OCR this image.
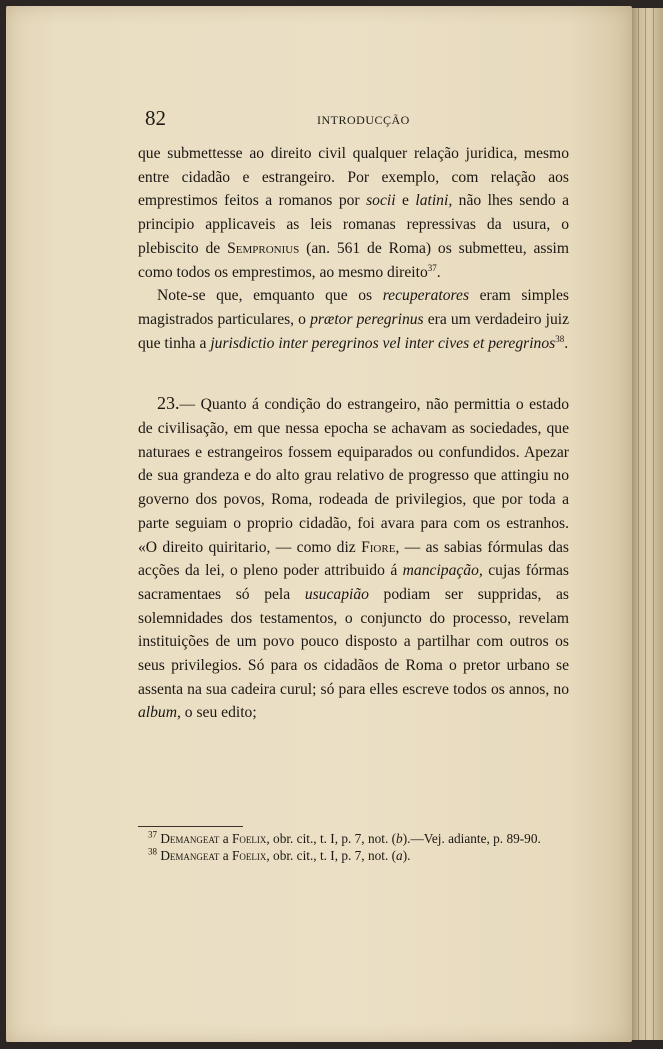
82	INTRODUCÇÃO

que submettesse ao direito civil qualquer relação juridica, mesmo entre cidadão e estrangeiro. Por exemplo, com relação aos emprestimos feitos a romanos por socii e latini, não lhes sendo a principio applicaveis as leis romanas repressivas da usura, o plebiscito de Sempronius (an. 561 de Roma) os submetteu, assim como todos os emprestimos, ao mesmo direito$^{37}$.

Note-se que, emquanto que os recuperatores eram simples magistrados particulares, o prætor peregrinus era um verdadeiro juiz que tinha a jurisdictio inter peregrinos vel inter cives et peregrinos$^{38}$.

23.— Quanto á condição do estrangeiro, não permittia o estado de civilisação, em que nessa epocha se achavam as sociedades, que naturaes e estrangeiros fossem equiparados ou confundidos. Apezar de sua grandeza e do alto grau relativo de progresso que attingiu no governo dos povos, Roma, rodeada de privilegios, que por toda a parte seguiam o proprio cidadão, foi avara para com os estranhos. «O direito quiritario, — como diz Fiore, — as sabias fórmulas das acções da lei, o pleno poder attribuido á mancipação, cujas fórmas sacramentaes só pela usucapião podiam ser suppridas, as solemnidades dos testamentos, o conjuncto do processo, revelam instituições de um povo pouco disposto a partilhar com outros os seus privilegios. Só para os cidadãos de Roma o pretor urbano se assenta na sua cadeira curul; só para elles escreve todos os annos, no album, o seu edito;

$^{37}$ Demangeat a Foelix, obr. cit., t. I, p. 7, not. (b).—Vej. adiante, p. 89-90.

$^{38}$ Demangeat a Foelix, obr. cit., t. I, p. 7, not. (a).
